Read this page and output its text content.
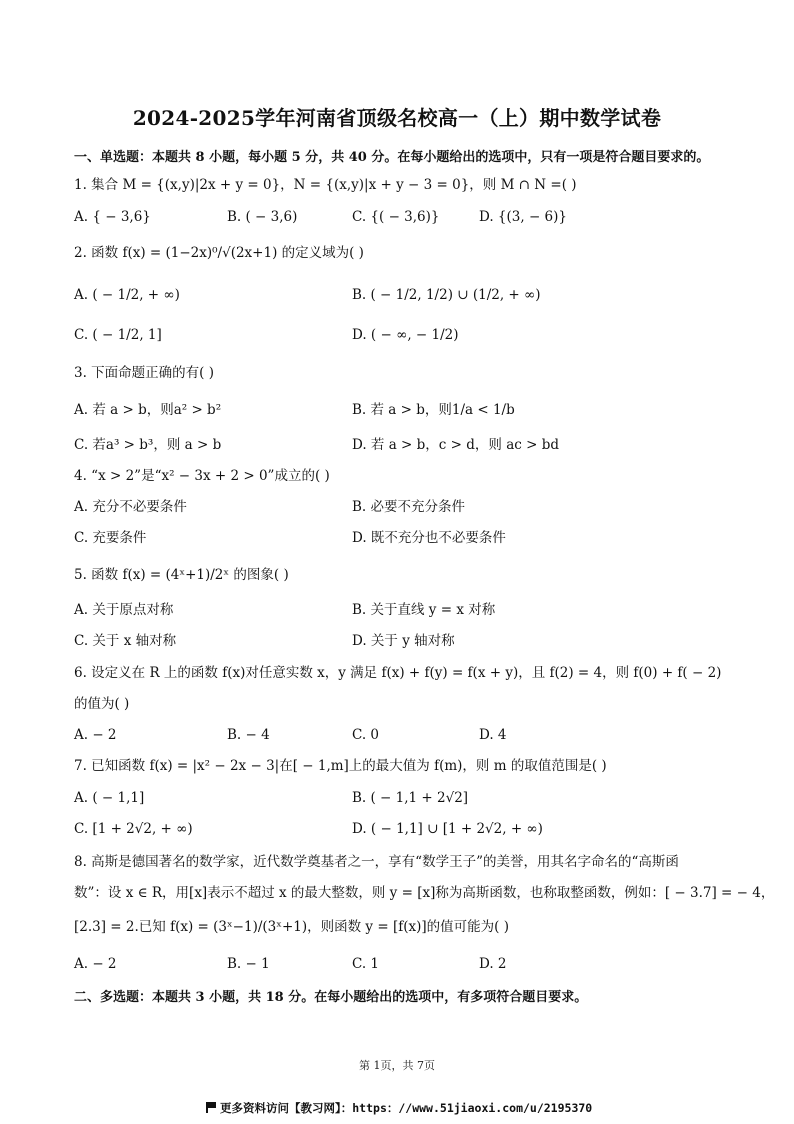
2024-2025学年河南省顶级名校高一（上）期中数学试卷
一、单选题：本题共 8 小题，每小题 5 分，共 40 分。在每小题给出的选项中，只有一项是符合题目要求的。
1. 集合 M = {(x,y)|2x + y = 0}，N = {(x,y)|x + y − 3 = 0}，则 M ∩ N =( )
A. { − 3,6}	B. ( − 3,6)	C. {( − 3,6)}	D. {(3, − 6)}
2. 函数 f(x) = (1−2x)⁰/√(2x+1) 的定义域为( )
A. ( − 1/2, + ∞)	B. ( − 1/2, 1/2) ∪ (1/2, + ∞)
C. ( − 1/2, 1]	D. ( − ∞, − 1/2)
3. 下面命题正确的有( )
A. 若 a > b，则a² > b²	B. 若 a > b，则1/a < 1/b
C. 若a³ > b³，则 a > b	D. 若 a > b，c > d，则 ac > bd
4. “x > 2”是“x² − 3x + 2 > 0”成立的( )
A. 充分不必要条件	B. 必要不充分条件
C. 充要条件	D. 既不充分也不必要条件
5. 函数 f(x) = (4ˣ+1)/2ˣ 的图象( )
A. 关于原点对称	B. 关于直线 y = x 对称
C. 关于 x 轴对称	D. 关于 y 轴对称
6. 设定义在 R 上的函数 f(x)对任意实数 x，y 满足 f(x) + f(y) = f(x + y)，且 f(2) = 4，则 f(0) + f( − 2)
的值为( )
A. − 2	B. − 4	C. 0	D. 4
7. 已知函数 f(x) = |x² − 2x − 3|在[ − 1,m]上的最大值为 f(m)，则 m 的取值范围是( )
A. ( − 1,1]	B. ( − 1,1 + 2√2]
C. [1 + 2√2, + ∞)	D. ( − 1,1] ∪ [1 + 2√2, + ∞)
8. 高斯是德国著名的数学家，近代数学奠基者之一，享有“数学王子”的美誉，用其名字命名的“高斯函
数”：设 x ∈ R，用[x]表示不超过 x 的最大整数，则 y = [x]称为高斯函数，也称取整函数，例如：[ − 3.7] = − 4，
[2.3] = 2.已知 f(x) = (3ˣ−1)/(3ˣ+1)，则函数 y = [f(x)]的值可能为( )
A. − 2	B. − 1	C. 1	D. 2
二、多选题：本题共 3 小题，共 18 分。在每小题给出的选项中，有多项符合题目要求。
第 1页，共 7页
更多资料访问【教习网】：https：//www.51jiaoxi.com/u/2195370
